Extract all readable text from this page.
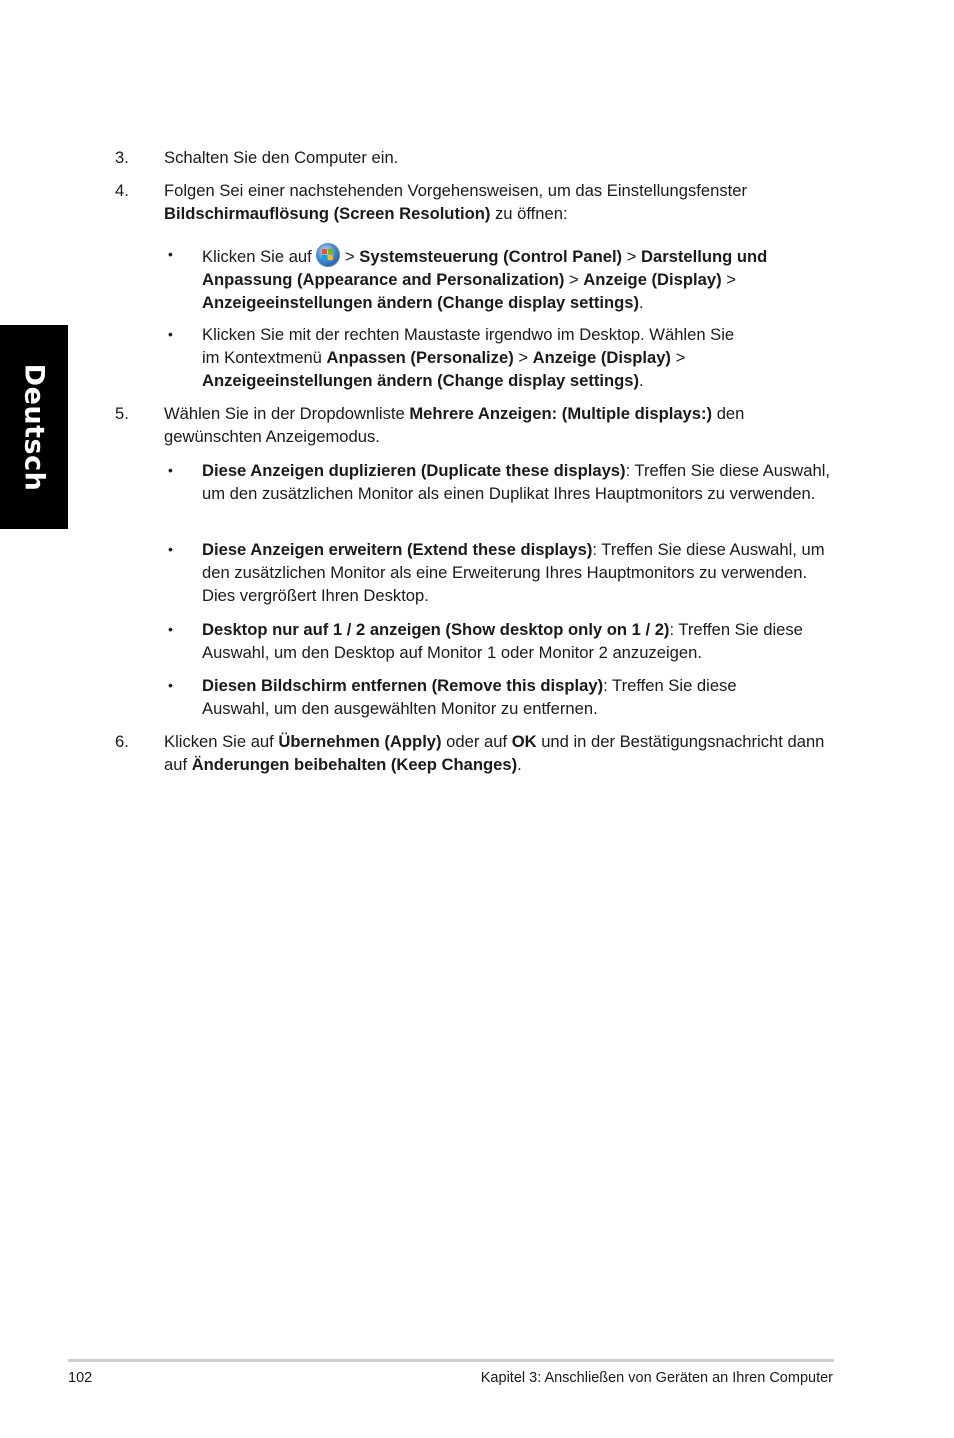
Deutsch
3. Schalten Sie den Computer ein.
4. Folgen Sei einer nachstehenden Vorgehensweisen, um das Einstellungsfenster Bildschirmauflösung (Screen Resolution) zu öffnen:
• Klicken Sie auf
> Systemsteuerung (Control Panel) > Darstellung und Anpassung (Appearance and Personalization) > Anzeige (Display) > Anzeigeeinstellungen ändern (Change display settings).
• Klicken Sie mit der rechten Maustaste irgendwo im Desktop. Wählen Sie im Kontextmenü Anpassen (Personalize) > Anzeige (Display) > Anzeigeeinstellungen ändern (Change display settings).
5. Wählen Sie in der Dropdownliste Mehrere Anzeigen: (Multiple displays:) den gewünschten Anzeigemodus.
• Diese Anzeigen duplizieren (Duplicate these displays): Treffen Sie diese Auswahl, um den zusätzlichen Monitor als einen Duplikat Ihres Hauptmonitors zu verwenden.
• Diese Anzeigen erweitern (Extend these displays): Treffen Sie diese Auswahl, um den zusätzlichen Monitor als eine Erweiterung Ihres Hauptmonitors zu verwenden. Dies vergrößert Ihren Desktop.
• Desktop nur auf 1 / 2 anzeigen (Show desktop only on 1 / 2): Treffen Sie diese Auswahl, um den Desktop auf Monitor 1 oder Monitor 2 anzuzeigen.
• Diesen Bildschirm entfernen (Remove this display): Treffen Sie diese Auswahl, um den ausgewählten Monitor zu entfernen.
6. Klicken Sie auf Übernehmen (Apply) oder auf OK und in der Bestätigungsnachricht dann auf Änderungen beibehalten (Keep Changes).
102	Kapitel 3: Anschließen von Geräten an Ihren Computer
